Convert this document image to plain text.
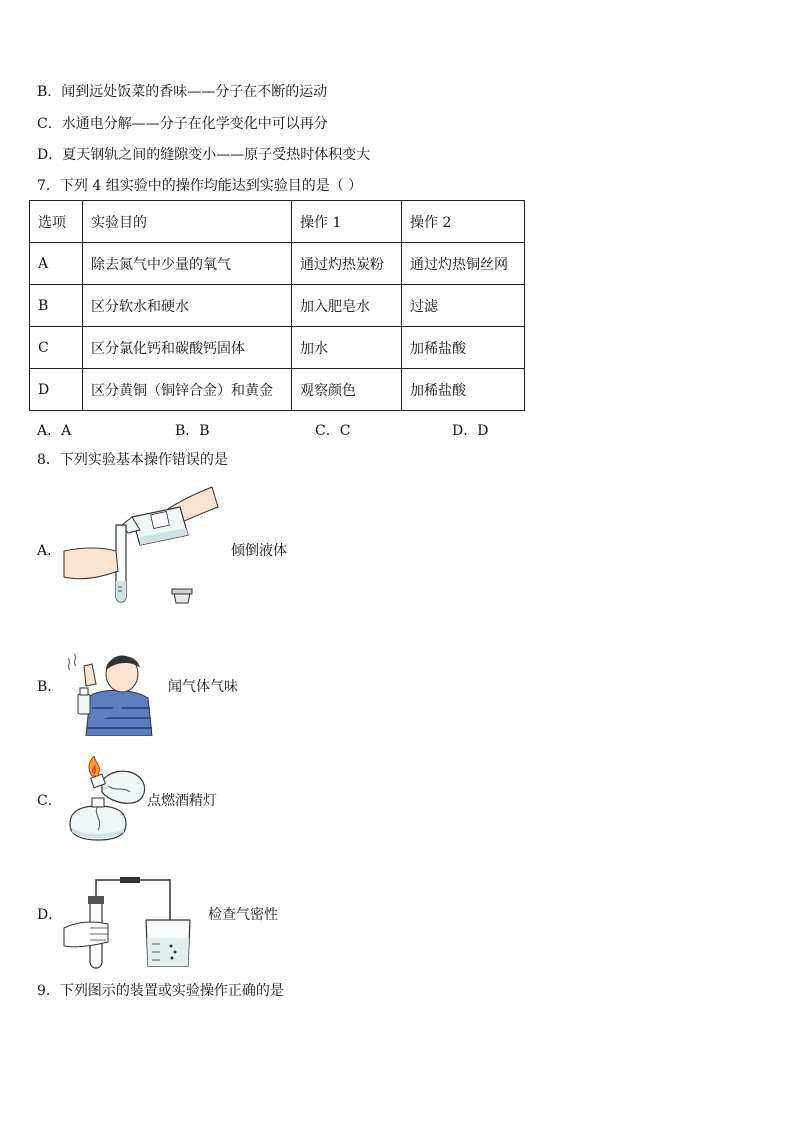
B．闻到远处饭菜的香味——分子在不断的运动
C．水通电分解——分子在化学变化中可以再分
D．夏天钢轨之间的缝隙变小——原子受热时体积变大
7．下列 4 组实验中的操作均能达到实验目的是（ ）
选项	实验目的	操作 1	操作 2
A	除去氮气中少量的氧气	通过灼热炭粉	通过灼热铜丝网
B	区分软水和硬水	加入肥皂水	过滤
C	区分氯化钙和碳酸钙固体	加水	加稀盐酸
D	区分黄铜（铜锌合金）和黄金	观察颜色	加稀盐酸
A．A	B．B	C．C	D．D
8．下列实验基本操作错误的是
A．	倾倒液体
B．	闻气体气味
C．	点燃酒精灯
D．	检查气密性
9．下列图示的装置或实验操作正确的是
